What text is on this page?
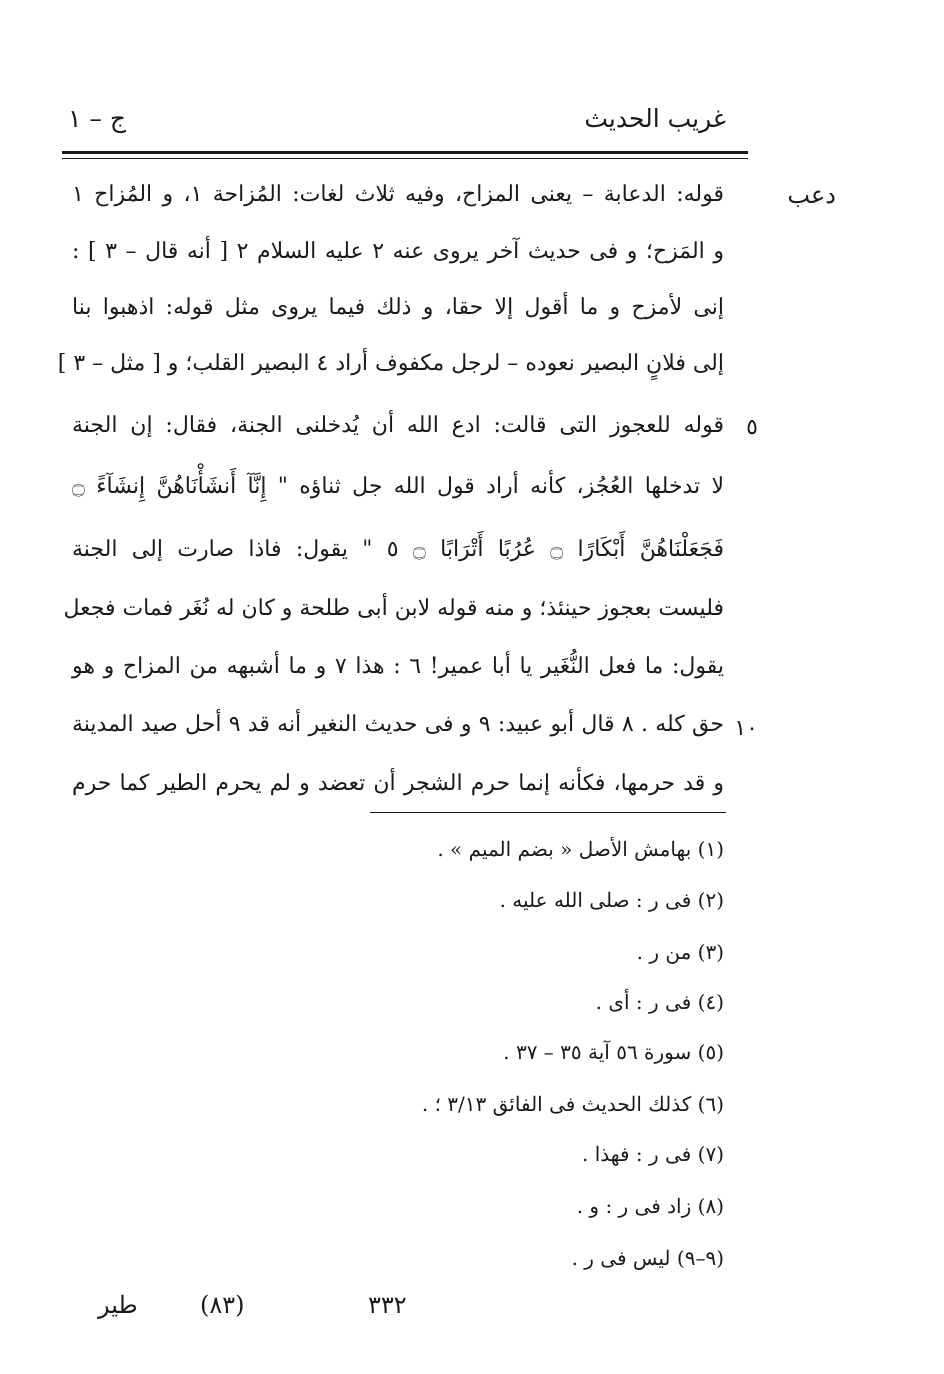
غريب الحديث
ج – ١
دعب
قوله: الدعابة – يعنى المزاح، وفيه ثلاث لغات: المُزاحة ١، و المُزاح ١
و المَزح؛ و فى حديث آخر يروى عنه ٢ عليه السلام ٢ [ أنه قال – ٣ ] :
إنى لأمزح و ما أقول إلا حقا، و ذلك فيما يروى مثل قوله: اذهبوا بنا
إلى فلانٍ البصير نعوده – لرجل مكفوف أراد ٤ البصير القلب؛ و [ مثل – ٣ ]
٥
قوله للعجوز التى قالت: ادع الله أن يُدخلنى الجنة، فقال: إن الجنة
لا تدخلها العُجُز، كأنه أراد قول الله جل ثناؤه " إِنَّآ أَنشَأْنَاهُنَّ إِنشَآءً ۝
فَجَعَلْنَاهُنَّ أَبْكَارًا ۝ عُرُبًا أَتْرَابًا ۝ ٥ " يقول: فاذا صارت إلى الجنة
فليست بعجوز حينئذ؛ و منه قوله لابن أبى طلحة و كان له نُغَر فمات فجعل
يقول: ما فعل النُّغَير يا أبا عمير! ٦ : هذا ٧ و ما أشبهه من المزاح و هو
١٠
حق كله . ٨ قال أبو عبيد: ٩ و فى حديث النغير أنه قد ٩ أحل صيد المدينة
و قد حرمها، فكأنه إنما حرم الشجر أن تعضد و لم يحرم الطير كما حرم
(١) بهامش الأصل « بضم الميم » .
(٢) فى ر : صلى الله عليه .
(٣) من ر .
(٤) فى ر : أى .
(٥) سورة ٥٦ آية ٣٥ – ٣٧ .
(٦) كذلك الحديث فى الفائق ٣/١٣ ؛ .
(٧) فى ر : فهذا .
(٨) زاد فى ر : و .
(٩–٩) ليس فى ر .
طير	(٨٣)	٣٣٢
